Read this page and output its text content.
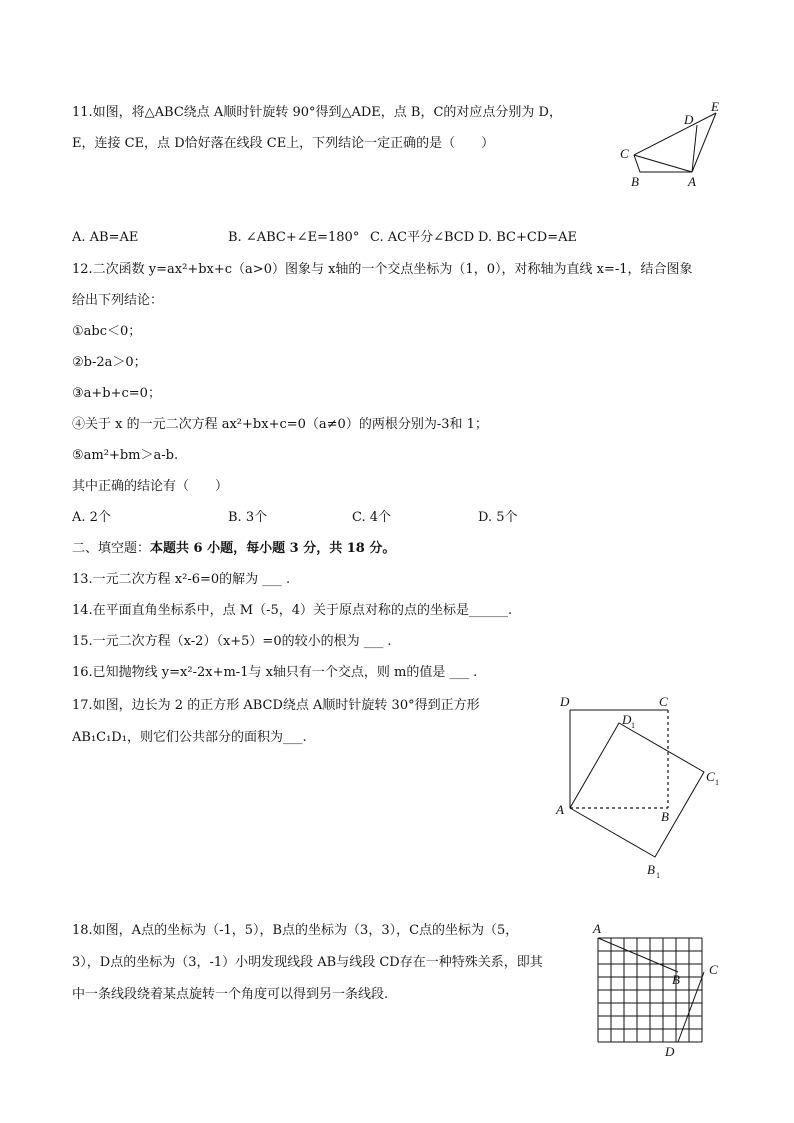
11.如图，将△ABC绕点 A顺时针旋转 90°得到△ADE，点 B，C的对应点分别为 D，
E，连接 CE，点 D恰好落在线段 CE上，下列结论一定正确的是（　　）
E
D
C
B	A
A. AB=AE	B. ∠ABC+∠E=180° C. AC平分∠BCD D. BC+CD=AE
12.二次函数 y=ax²+bx+c（a>0）图象与 x轴的一个交点坐标为（1，0），对称轴为直线 x=-1，结合图象
给出下列结论：
①abc＜0；
②b-2a＞0；
③a+b+c=0；
④关于 x 的一元二次方程 ax²+bx+c=0（a≠0）的两根分别为-3和 1；
⑤am²+bm＞a-b.
其中正确的结论有（　　）
A. 2个	B. 3个	C. 4个	D. 5个
二、填空题：本题共 6 小题，每小题 3 分，共 18 分。
13.一元二次方程 x²-6=0的解为 ___ .
14.在平面直角坐标系中，点 M（-5，4）关于原点对称的点的坐标是______.
15.一元二次方程（x-2）（x+5）=0的较小的根为 ___ .
16.已知抛物线 y=x²-2x+m-1与 x轴只有一个交点，则 m的值是 ___ .
17.如图，边长为 2 的正方形 ABCD绕点 A顺时针旋转 30°得到正方形
AB₁C₁D₁，则它们公共部分的面积为___.
D	C
D 1
C 1
A	B
B 1
18.如图，A点的坐标为（-1，5），B点的坐标为（3，3），C点的坐标为（5，
3），D点的坐标为（3，-1）小明发现线段 AB与线段 CD存在一种特殊关系，即其
中一条线段绕着某点旋转一个角度可以得到另一条线段.
A
B
C
D
